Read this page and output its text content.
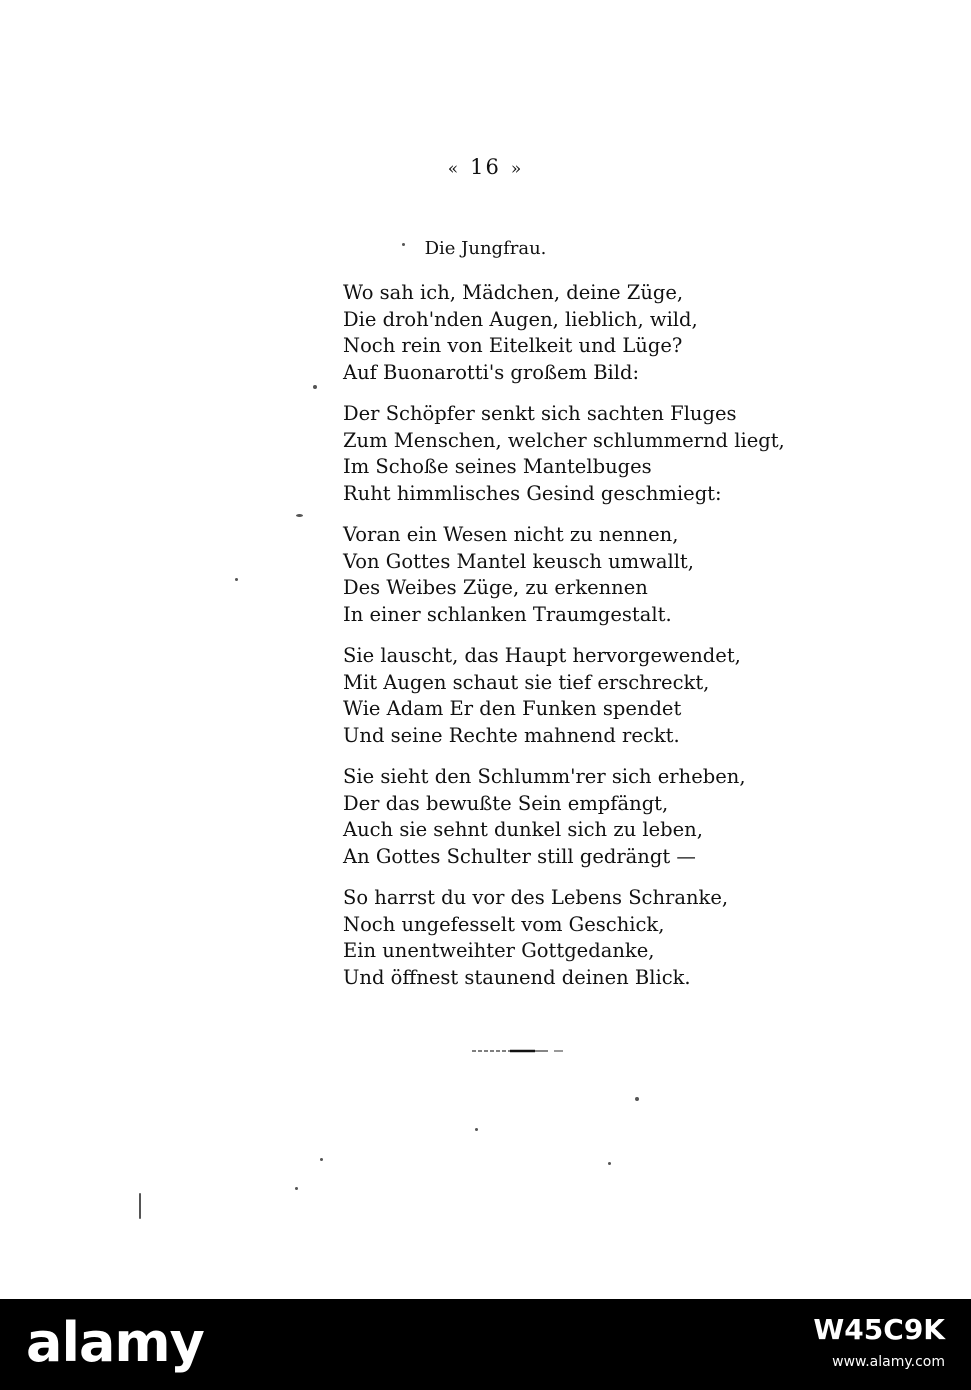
« 16 »
Die Jungfrau.
Wo sah ich, Mädchen, deine Züge,
Die droh'nden Augen, lieblich, wild,
Noch rein von Eitelkeit und Lüge?
Auf Buonarotti's großem Bild:
Der Schöpfer senkt sich sachten Fluges
Zum Menschen, welcher schlummernd liegt,
Im Schoße seines Mantelbuges
Ruht himmlisches Gesind geschmiegt:
Voran ein Wesen nicht zu nennen,
Von Gottes Mantel keusch umwallt,
Des Weibes Züge, zu erkennen
In einer schlanken Traumgestalt.
Sie lauscht, das Haupt hervorgewendet,
Mit Augen schaut sie tief erschreckt,
Wie Adam Er den Funken spendet
Und seine Rechte mahnend reckt.
Sie sieht den Schlumm'rer sich erheben,
Der das bewußte Sein empfängt,
Auch sie sehnt dunkel sich zu leben,
An Gottes Schulter still gedrängt —
So harrst du vor des Lebens Schranke,
Noch ungefesselt vom Geschick,
Ein unentweihter Gottgedanke,
Und öffnest staunend deinen Blick.
alamy	W45C9K
www.alamy.com
